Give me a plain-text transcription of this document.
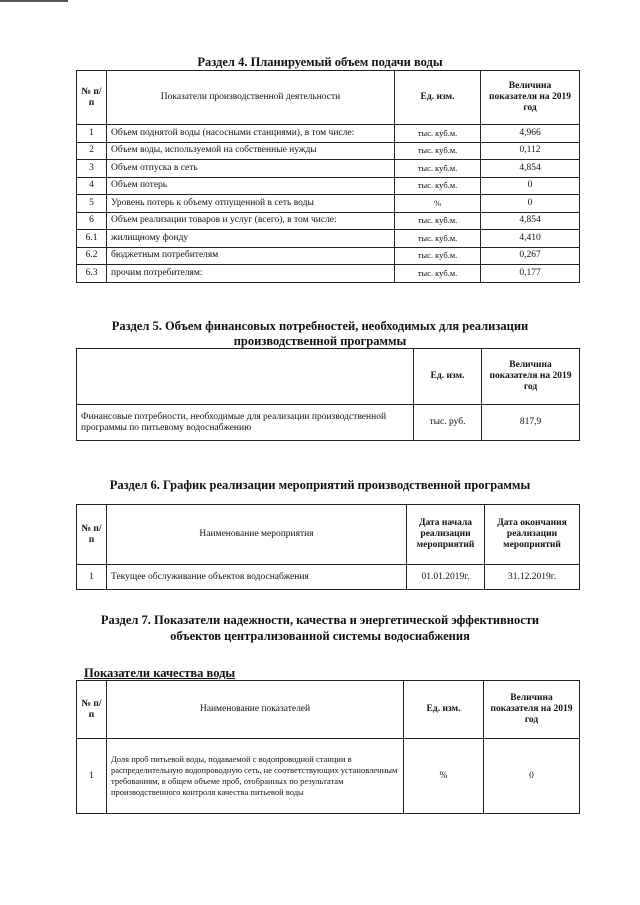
Раздел 4. Планируемый объем подачи воды
№ п/п	Показатели производственной деятельности	Ед. изм.	Величина показателя на 2019 год
1	Объем поднятой воды (насосными станциями), в том числе:	тыс. куб.м.	4,966
2	Объем воды, используемой на собственные нужды	тыс. куб.м.	0,112
3	Объем отпуска в сеть	тыс. куб.м.	4,854
4	Объем потерь	тыс. куб.м.	0
5	Уровень потерь к объему отпущенной в сеть воды	%	0
6	Объем реализации товаров и услуг (всего), в том числе:	тыс. куб.м.	4,854
6.1	жилищному фонду	тыс. куб.м.	4,410
6.2	бюджетным потребителям	тыс. куб.м.	0,267
6.3	прочим потребителям:	тыс. куб.м.	0,177
Раздел 5. Объем финансовых потребностей, необходимых для реализации
производственной программы
	Ед. изм.	Величина показателя на 2019 год
Финансовые потребности, необходимые для реализации производственной программы по питьевому водоснабжению	тыс. руб.	817,9
Раздел 6. График реализации мероприятий производственной программы
№ п/п	Наименование мероприятия	Дата начала реализации мероприятий	Дата окончания реализации мероприятий
1	Текущее обслуживание объектов водоснабжения	01.01.2019г.	31.12.2019г.
Раздел 7. Показатели надежности, качества и энергетической эффективности
объектов централизованной системы водоснабжения
Показатели качества воды
№ п/п	Наименование показателей	Ед. изм.	Величина показателя на 2019 год
1	Доля проб питьевой воды, подаваемой с водопроводной станции в распределительную водопроводную сеть, не соответствующих установленным требованиям, в общем объеме проб, отобранных по результатам производственного контроля качества питьевой воды	%	0
